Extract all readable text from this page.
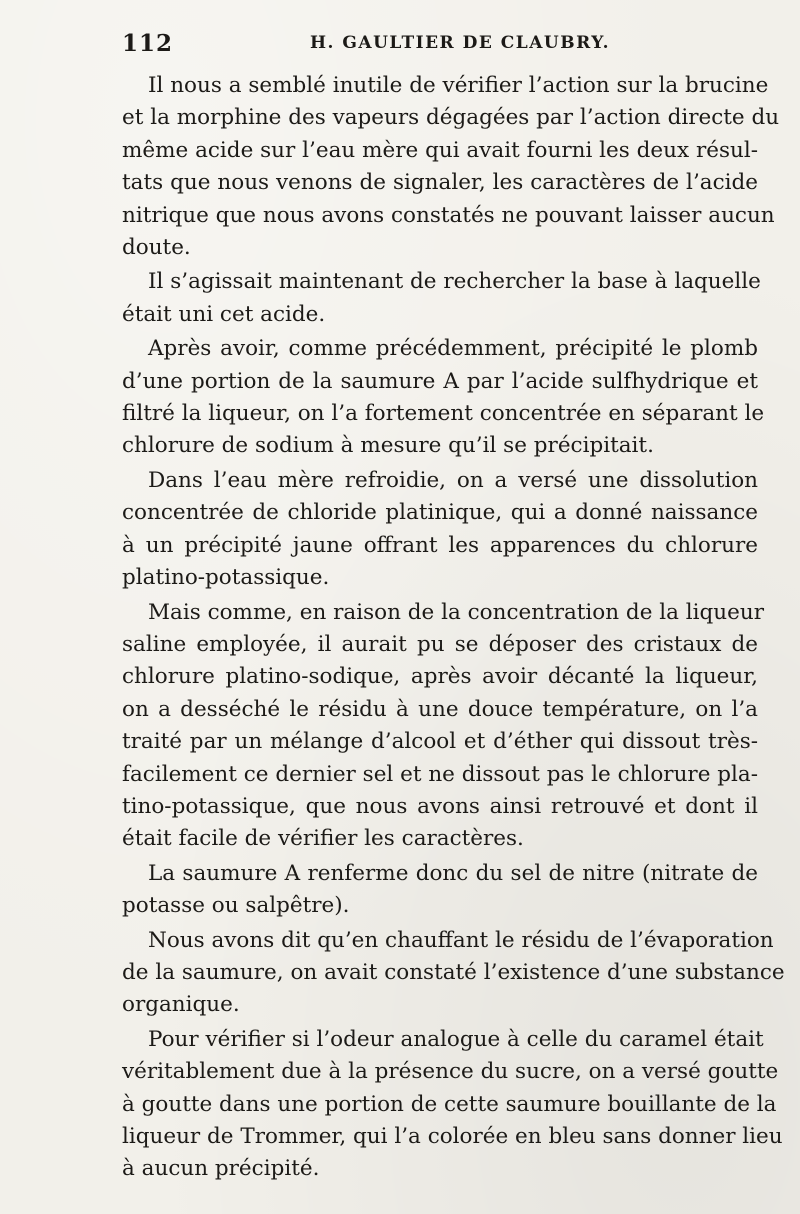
112	H. GAULTIER DE CLAUBRY.

Il nous a semblé inutile de vérifier l’action sur la brucine
et la morphine des vapeurs dégagées par l’action directe du
même acide sur l’eau mère qui avait fourni les deux résul-
tats que nous venons de signaler, les caractères de l’acide
nitrique que nous avons constatés ne pouvant laisser aucun
doute.

Il s’agissait maintenant de rechercher la base à laquelle
était uni cet acide.

Après avoir, comme précédemment, précipité le plomb
d’une portion de la saumure A par l’acide sulfhydrique et
filtré la liqueur, on l’a fortement concentrée en séparant le
chlorure de sodium à mesure qu’il se précipitait.

Dans l’eau mère refroidie, on a versé une dissolution
concentrée de chloride platinique, qui a donné naissance
à un précipité jaune offrant les apparences du chlorure
platino-potassique.

Mais comme, en raison de la concentration de la liqueur
saline employée, il aurait pu se déposer des cristaux de
chlorure platino-sodique, après avoir décanté la liqueur,
on a desséché le résidu à une douce température, on l’a
traité par un mélange d’alcool et d’éther qui dissout très-
facilement ce dernier sel et ne dissout pas le chlorure pla-
tino-potassique, que nous avons ainsi retrouvé et dont il
était facile de vérifier les caractères.

La saumure A renferme donc du sel de nitre (nitrate de
potasse ou salpêtre).

Nous avons dit qu’en chauffant le résidu de l’évaporation
de la saumure, on avait constaté l’existence d’une substance
organique.

Pour vérifier si l’odeur analogue à celle du caramel était
véritablement due à la présence du sucre, on a versé goutte
à goutte dans une portion de cette saumure bouillante de la
liqueur de Trommer, qui l’a colorée en bleu sans donner lieu
à aucun précipité.
